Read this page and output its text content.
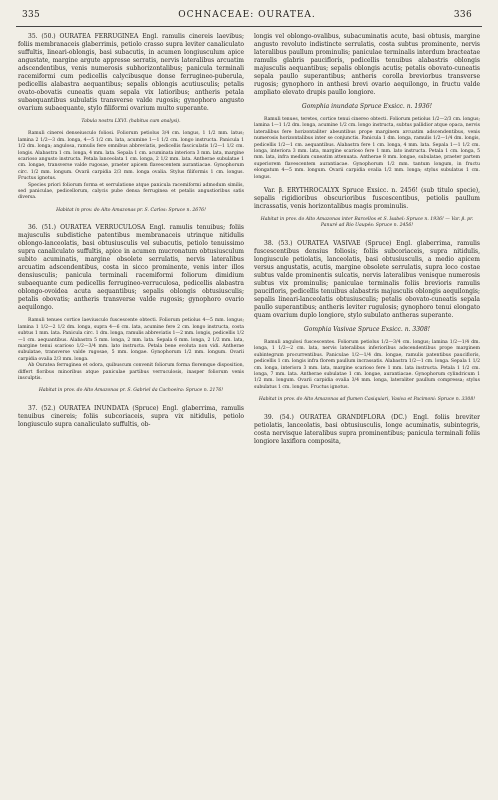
335	OCHNACEAE: OURATEA.	336

35. (50.) OURATEA FERRUGINEA Engl. ramulis cinereis laevibus; foliis membranaceis glaberrimis, petiolo crasso supra leviter canaliculato suffultis, lineari-oblongis, basi subacutis, in acumen longiusculum apice angustate, margine argute appresse serratis, nervis lateralibus arcuatim adscendentibus, venis numerosis subhorizontalibus; panicula terminali racemiformi cum pedicellis calycibusque donse ferrugineo-puberula, pedicellis alabastra aequantibus; sepalis oblongis acutiusculis; petalis ovato-obovatis cuneatis quam sepala vix latioribus; antheris petala subaequantibus subulatis transverse valde rugosis; gynophoro angusto ovarium subaequante, stylo filiformi ovarium multo superante.

Tabula nostra LXVI. (habitus cum analysi).

Ramuli cinerei denseiusculo foliosi. Foliorum petiolus 3/4 cm. longus, 1 1/2 mm. latus; lamina 2 1/2—3 dm. longa, 4—5 1/2 cm. lata, acumine 1—1 1/2 cm. longo instructa. Panicula 1 1/2 dm. longa; angulosa, ramulis fere omnibus abbreviatis, pedicellis fasciculatis 1/2—1 1/2 cm. longis. Alabastra 1 cm. longa, 4 mm. lata. Sepala 1 cm. acuminata interiora 3 mm. lata, margine scarioso angusto instructa. Petala lanceolata 1 cm. longa, 2 1/2 mm. lata. Antherae subulatae 1 cm. longae, transverse valde rugosae, praeter apicem flavescentem aurantiacae. Gynophorum circ. 1/2 mm. longum. Ovarii carpidia 2/3 mm. longa ovalia. Stylus filiformis 1 cm. longus. Fructus ignotus.

Species priori foliorum forma et serrulatione atque panicula racemiformi admodum similis, sed paniculae, pedicellorum, calycis pube densa ferruginea et petalis angustioribus satis diversa.

Habitat in prov. do Alto Amazonas pr. S. Carlos: Spruce n. 2676!

36. (51.) OURATEA VERRUCULOSA Engl. ramulis tenuibus; foliis majusculis subdistiche patentibus membranaceis utrinque nitidulis oblongo-lanceolatis, basi obtusiusculis vel subacutis, petiolo tenuissimo supra canaliculato suffultis, apice in acumen mucronatum obtusiusculum subito acuminatis, margine obsolete serrulatis, nervis lateralibus arcuatim adscendentibus, costa in sicco prominente, venis inter illos densiusculis; panicula terminali racemiformi foliorum dimidium subaequante cum pedicellis ferrugineo-verruculosa, pedicellis alabastra oblongo-ovoidea acuta aequantibus; sepalis oblongis obtusiusculis; petalis obovatis; antheris transverse valde rugosis; gynophoro ovario aequilongo.

Ramuli tenues cortice laeviusculo fuscescente obtecti. Foliorum petiolus 4—5 mm. longus; lamina 1 1/2—2 1/2 dm. longa, supra 4—6 cm. lata, acumine fere 2 cm. longo instructa, costa subtus 1 mm. lata. Panicula circ. 1 dm. longa, ramulis abbreviatis 1—2 mm. longis, pedicellis 1/2—1 cm. aequantibus. Alabastra 5 mm. longa, 2 mm. lata. Sepala 6 mm. longa, 2 1/2 mm. lata, margine tenui scarioso 1/2—3/4 mm. lato instructa. Petala bene evoluta non vidi. Antherae subulatae, transverse valde rugosae, 5 mm. longae. Gynophorum 1/2 mm. longum. Ovarii carpidia ovalia 2/3 mm. longa.

Ab Ouratea ferruginea et odora, quibuscum convenit foliorum forma floremque disposition, differt floribus minoribus atque paniculae partibus verruculosis, inasper foliorum venis insculptis.

Habitat in prov. do Alto Amazonas pr. S. Gabriel da Cachoeira: Spruce n. 2176!

37. (52.) OURATEA INUNDATA (Spruce) Engl. glaberrima, ramulis tenuibus cinereis; foliis subcoriaceis, supra vix nitidulis, petiolo longiusculo supra canaliculato suffultis, ob-

longis vel oblongo-ovalibus, subacuminatis acute, basi obtusis, margine angusto revoluto indistincte serrulatis, costa subtus prominente, nervis lateralibus paullum prominulis; paniculae terminalis interdum bracteatae ramulis glabris pauciflorís, pedicellis tenuibus alabastris oblongis majusculis aequantibus; sepalis oblongis acutis; petalis obovato-cuneatis sepala paullo superantibus; antheris corolla breviorbus transverse rugosis; gynophoro in anthesi brevi ovario aequilongo, in fructu valde ampliato elevato drupis paullo longiore.

Gomphia inundata Spruce Exsicc. n. 1936!

Ramuli tenues, teretes, cortice tenui cinereo obtecti. Foliorum petiolus 1/2—2/3 cm. longus; lamina 1—1 1/2 dm. longa, acumine 1/2 cm. longo instructa, subtus pallidior atque opaca, nervis lateralibus fere horizontaliter abeuntibus prope marginem arcuatim adscendentibus, venis numerosis horizontalibus inter se conjunctis. Panicula 1 dm. longa, ramulis 1/2—1/4 dm. longis, pedicellis 1/2—1 cm. aequantibus. Alabastra fere 1 cm. longa, 4 mm. lata. Sepala 1—1 1/2 cm. longa, interiora 3 mm. lata, margine scarioso fere 1 mm. lato instructa. Petala 1 cm. longa, 5 mm. lata, infra medium cuneatim attenuata. Antherae 8 mm. longae, subulatae, praeter partem superiorem flavescentem aurantiacae. Gynophorum 1/2 mm. tantum longum, in fructu elongatum 4—5 mm. longum. Ovarii carpidia ovalia 1/2 mm. longa; stylus subulatus 1 cm. longus.

Var. β. ERYTHROCALYX Spruce Exsicc. n. 2456! (sub titulo specie), sepalis rigidioribus obscurioribus fuscescentibus, petiolis paullum incrassatis, venis horizontalibus magis prominulis.

Habitat in prov. do Alto Amazonas inter Barcellos et S. Isabel: Spruce n. 1936! — Var. β. pr. Panuré ad Rio Uaupés: Spruce n. 2456!

38. (53.) OURATEA VASIVAE (Spruce) Engl. glaberrima, ramulis fuscescentibus densius foliosis; foliis subcoriaceis, supra nitidulis, longiuscule petiolatis, lanceolatis, basi obtusiusculis, a medio apicem versus angustatis, acutis, margine obsolete serrulatis, supra loco costae subtus valde prominentis sulcatis, nervis lateralibus venisque numerosis subtus vix prominulis; paniculae terminalis foliis brevioris ramulis paucifloris, pedicellis tenuibus alabastris majusculis oblongis aequilongis; sepalis lineari-lanceolatis obtusiusculis; petalis obovato-cuneatis sepala paullo superantibus; antheris leviter rugulosis; gynophoro tenui elongato quam ovarium duplo longiore, stylo subulato antheras superante.

Gomphia Vasivae Spruce Exsicc. n. 3308!

Ramuli angulosi fuscescentes. Foliorum petiolus 1/2—3/4 cm. longus; lamina 1/2—1/4 dm. longa, 1 1/2—2 cm. lata, nervis lateralibus inferioribus adscendentibus prope marginem subintegrum procurrentibus. Paniculae 1/2—1/4 dm. longae, ramulis patentibus pauciflorís, pedicellis 1 cm. longis infra florem paullum incrassatis. Alabastra 1/2—1 cm. longa. Sepala 1 1/2 cm. longa, interiora 3 mm. lata, margine scarioso fere 1 mm. lata instructa. Petala 1 1/2 cm. longa, 7 mm. lata. Antherae subulatae 1 cm. longae, aurantiacae. Gynophorum cylindricum 1 1/2 mm. longum. Ovarii carpidia ovalia 3/4 mm. longa, lateraliter paullum compressa; stylus subulatus 1 cm. longus. Fructus ignotus.

Habitat in prov. do Alto Amazonas ad flumen Casiquiari, Vasiva et Pacimoni: Spruce n. 3308!

39. (54.) OURATEA GRANDIFLORA (DC.) Engl. foliis breviter petiolatis, lanceolatis, basi obtusiusculis, longe acuminatis, subintegris, costa nervisque lateralibus supra prominentibus; panicula terminali foliis longiore laxiflora composita,
